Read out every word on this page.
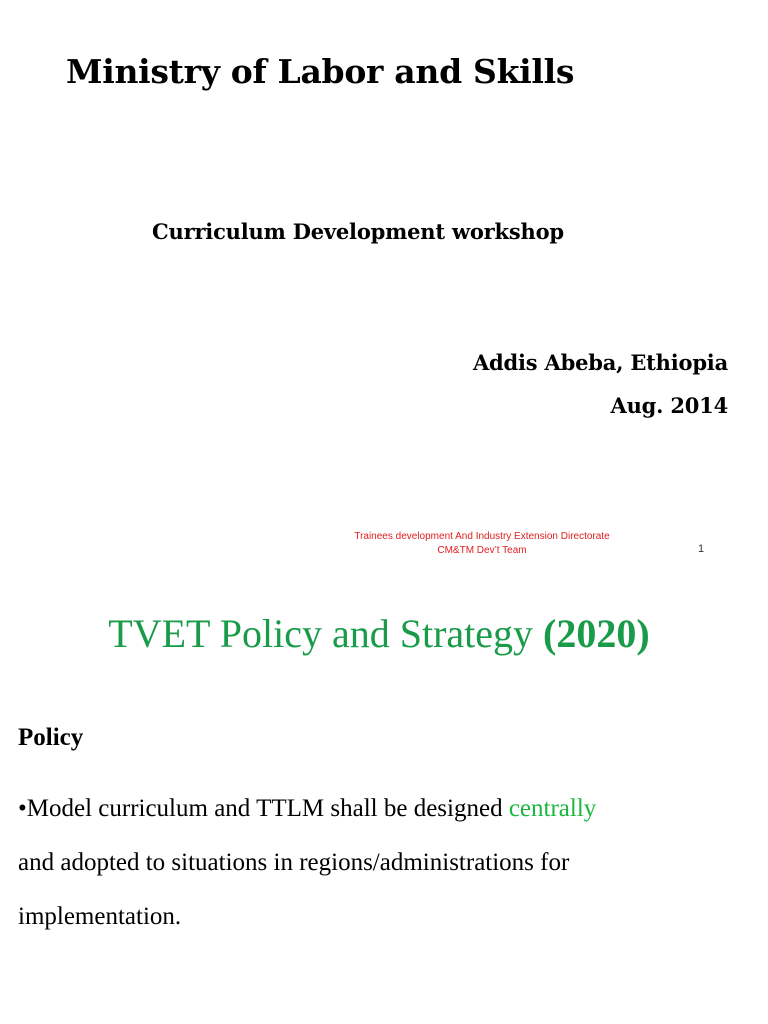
Ministry of Labor and Skills
Curriculum Development workshop
Addis Abeba, Ethiopia
Aug. 2014
Trainees development And Industry Extension Directorate
CM&TM Dev’t Team	1
TVET Policy and Strategy (2020)
Policy
•Model curriculum and TTLM shall be designed centrally
and adopted to situations in regions/administrations for
implementation.
